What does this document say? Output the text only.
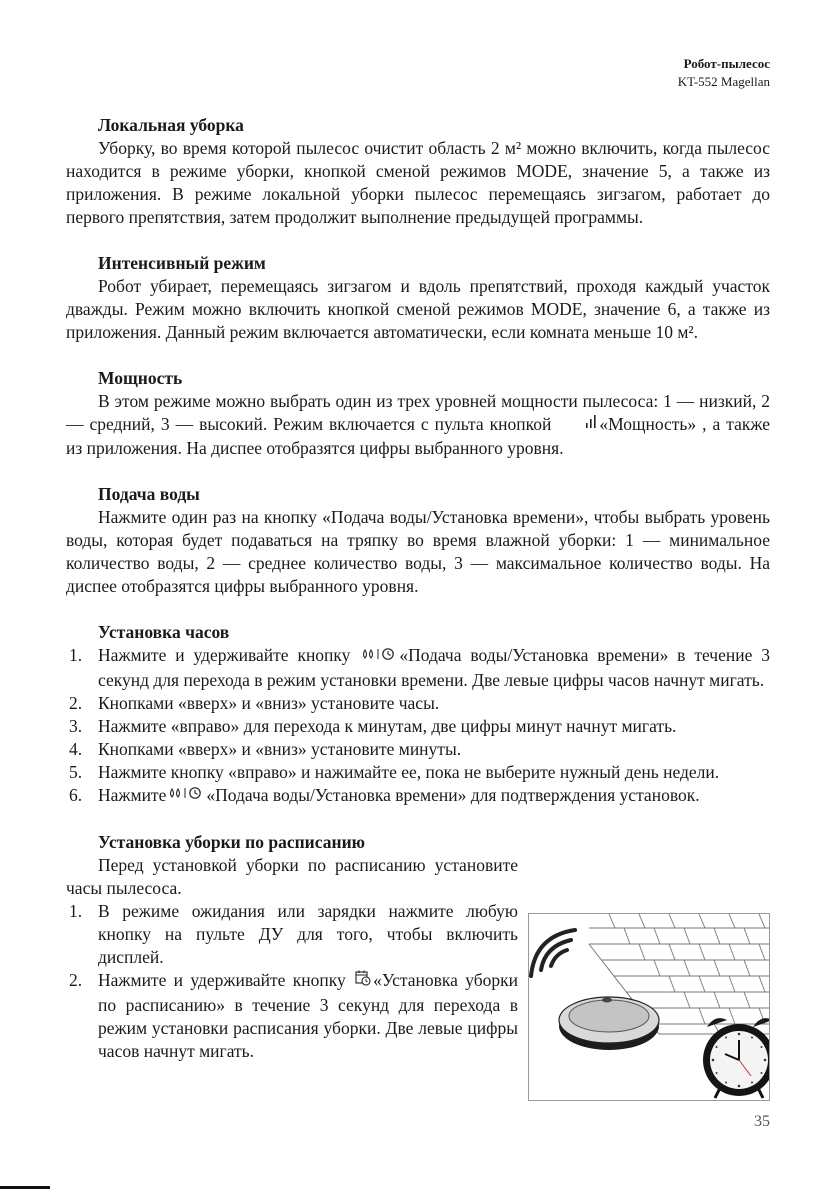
Робот-пылесос
KT-552 Magellan
Локальная уборка

Уборку, во время которой пылесос очистит область 2 м² можно включить, когда пылесос находится в режиме уборки, кнопкой сменой режимов MODE, значение 5, а также из приложения. В режиме локальной уборки пылесос перемещаясь зигзагом, работает до первого препятствия, затем продолжит выполнение предыдущей программы.

Интенсивный режим

Робот убирает, перемещаясь зигзагом и вдоль препятствий, проходя каждый участок дважды. Режим можно включить кнопкой сменой режимов MODE, значение 6, а также из приложения. Данный режим включается автоматически, если комната меньше 10 м².

Мощность

В этом режиме можно выбрать один из трех уровней мощности пылесоса: 1 — низкий, 2 — средний, 3 — высокий. Режим включается с пульта кнопкой	«Мощность» , а также из приложения. На диспее отобразятся цифры выбранного уровня.

Подача воды

Нажмите один раз на кнопку «Подача воды/Установка времени», чтобы выбрать уровень воды, которая будет подаваться на тряпку во время влажной уборки: 1 — минимальное количество воды, 2 — среднее количество воды, 3 — максимальное количество воды. На диспее отобразятся цифры выбранного уровня.

Установка часов
1. Нажмите и удерживайте кнопку	«Подача воды/Установка времени» в течение 3 секунд для перехода в режим установки времени. Две левые цифры часов начнут мигать.
2. Кнопками «вверх» и «вниз» установите часы.
3. Нажмите «вправо» для перехода к минутам, две цифры минут начнут мигать.
4. Кнопками «вверх» и «вниз» установите минуты.
5. Нажмите кнопку «вправо» и нажимайте ее, пока не выберите нужный день недели.
6. Нажмите «Подача воды/Установка времени» для подтверждения установок.
Установка уборки по расписанию

Перед установкой уборки по расписанию установите часы пылесоса.

1. В режиме ожидания или зарядки нажмите любую кнопку на пульте ДУ для того, чтобы включить дисплей.
2. Нажмите и удерживайте кнопку «Установка уборки по расписанию» в течение 3 секунд для перехода в режим установки расписания уборки. Две левые цифры часов начнут мигать.
35
